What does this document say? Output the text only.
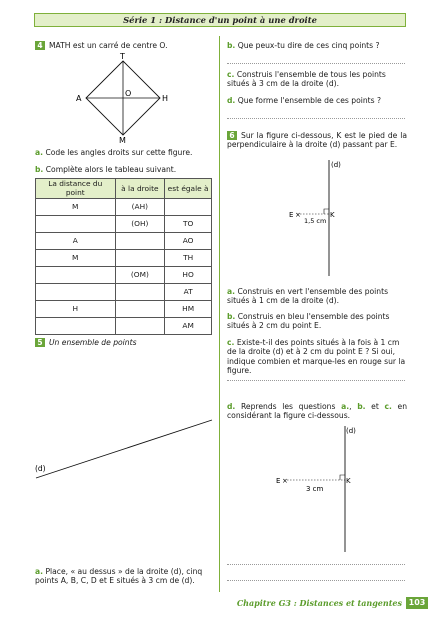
Série 1 : Distance d'un point à une droite
4 MATH est un carré de centre O.
T
M
A	H
O
a. Code les angles droits sur cette figure.
b. Complète alors le tableau suivant.
La distance du point	à la droite	est égale à
M	(AH)	
	(OH)	TO
A		AO
M		TH
	(OM)	HO
		AT
H		HM
		AM
5 Un ensemble de points
(d)
a. Place, « au dessus » de la droite (d), cinq points A, B, C, D et E situés à 3 cm de (d).
b. Que peux-tu dire de ces cinq points ?
c. Construis l'ensemble de tous les points situés à 3 cm de la droite (d).
d. Que forme l'ensemble de ces points ?
6 Sur la figure ci-dessous, K est le pied de la perpendiculaire à la droite (d) passant par E.
(d)
×
E	K
1,5 cm
a. Construis en vert l'ensemble des points situés à 1 cm de la droite (d).
b. Construis en bleu l'ensemble des points situés à 2 cm du point E.
c. Existe-t-il des points situés à la fois à 1 cm de la droite (d) et à 2 cm du point E ? Si oui, indique combien et marque-les en rouge sur la figure.
d. Reprends les questions a., b. et c. en considérant la figure ci-dessous.
(d)
×
E	K
3 cm
Chapitre G3 : Distances et tangentes 103
